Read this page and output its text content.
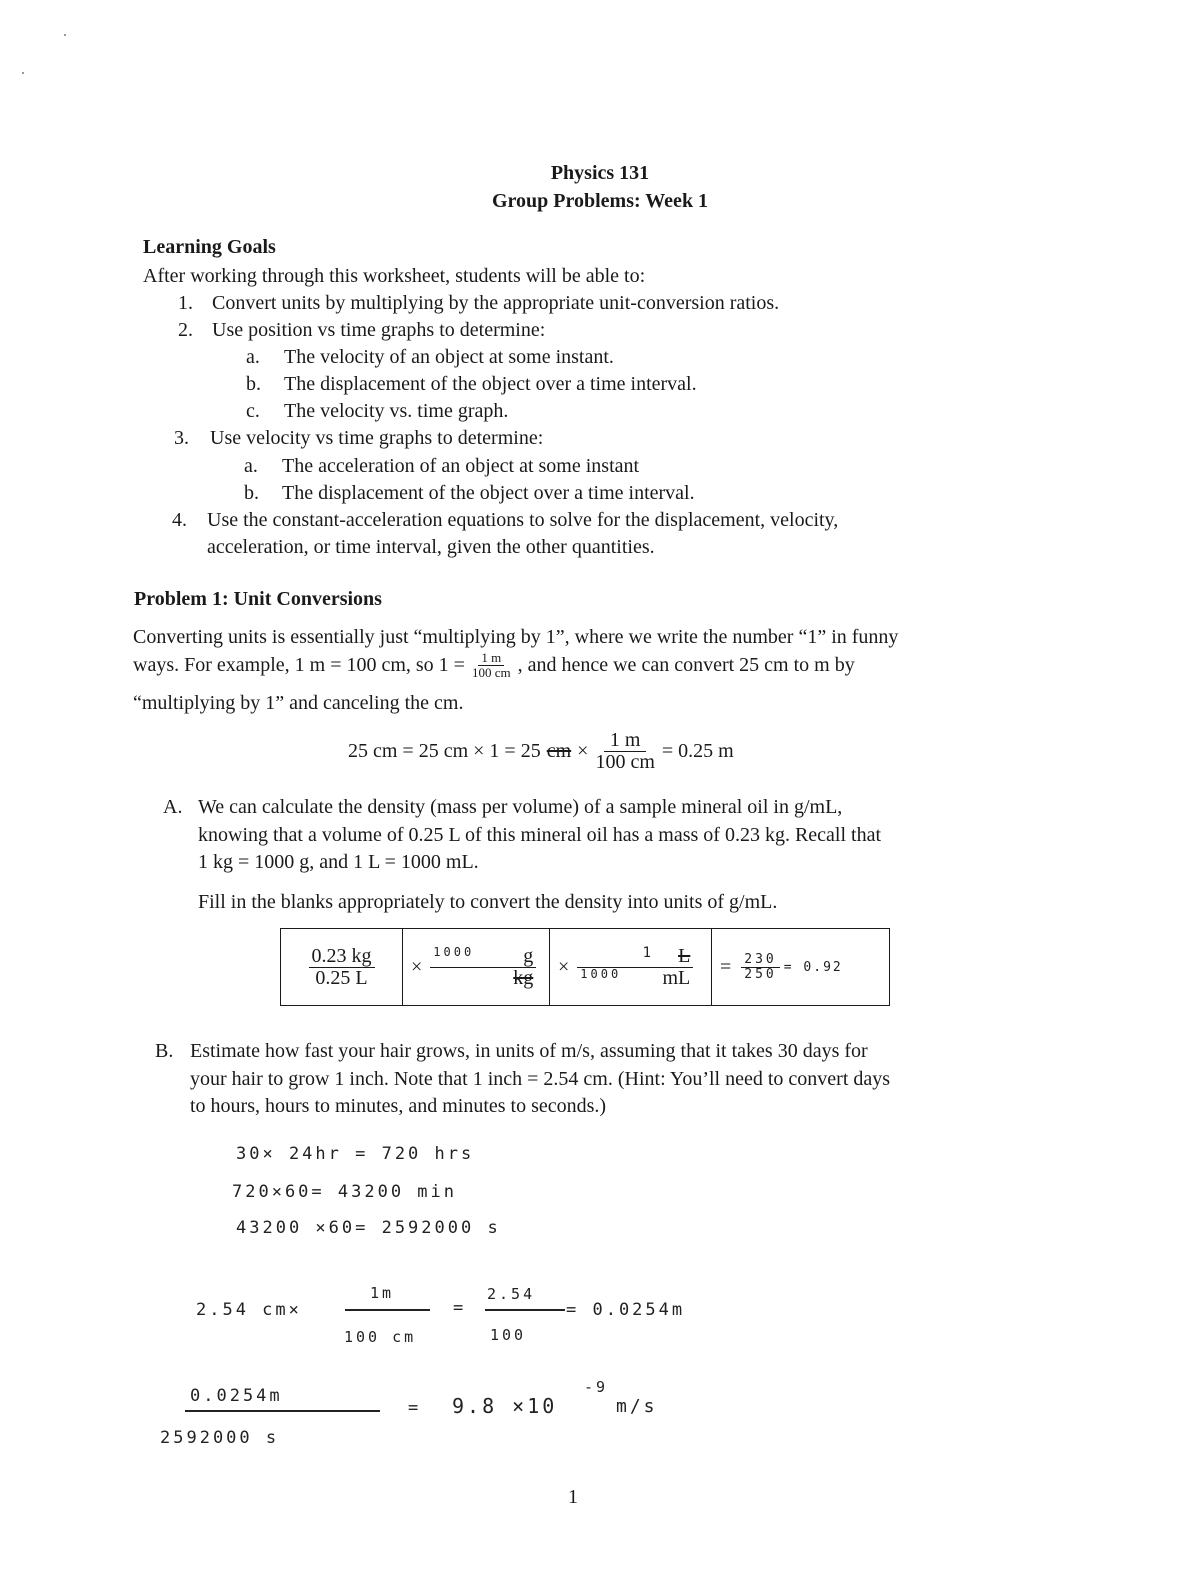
Physics 131
Group Problems: Week 1
Learning Goals
After working through this worksheet, students will be able to:
1. Convert units by multiplying by the appropriate unit-conversion ratios.
2. Use position vs time graphs to determine:
a. The velocity of an object at some instant.
b. The displacement of the object over a time interval.
c. The velocity vs. time graph.
3. Use velocity vs time graphs to determine:
a. The acceleration of an object at some instant
b. The displacement of the object over a time interval.
4. Use the constant-acceleration equations to solve for the displacement, velocity,
acceleration, or time interval, given the other quantities.
Problem 1: Unit Conversions
Converting units is essentially just “multiplying by 1”, where we write the number “1” in funny
ways. For example, 1 m = 100 cm, so $1 = \frac{1 m}{100 cm}$ , and hence we can convert 25 cm to m by
“multiplying by 1” and canceling the cm.
25 cm = 25 cm × 1 = 25 cm × $\frac{1 m}{100 cm} = 0.25$ m
A. We can calculate the density (mass per volume) of a sample mineral oil in g/mL,
knowing that a volume of 0.25 L of this mineral oil has a mass of 0.23 kg. Recall that
1 kg = 1000 g, and 1 L = 1000 mL.
Fill in the blanks appropriately to convert the density into units of g/mL.
$\frac{0.23 kg}{0.25 L}$	× $\frac{1000 g}{kg}$	× $\frac{1 L}{1000 mL}$	= $\frac{230}{250} = 0.92$
B. Estimate how fast your hair grows, in units of m/s, assuming that it takes 30 days for
your hair to grow 1 inch. Note that 1 inch = 2.54 cm. (Hint: You’ll need to convert days
to hours, hours to minutes, and minutes to seconds.)
30× 24hr = 720 hrs
720×60= 43200 min
43200 ×60= 2592000 s
2.54 cm×
1m
100 cm
=
2.54
100
= 0.0254m
0.0254m
2592000 s
= 9.8 ×10
-9
m/s
1
